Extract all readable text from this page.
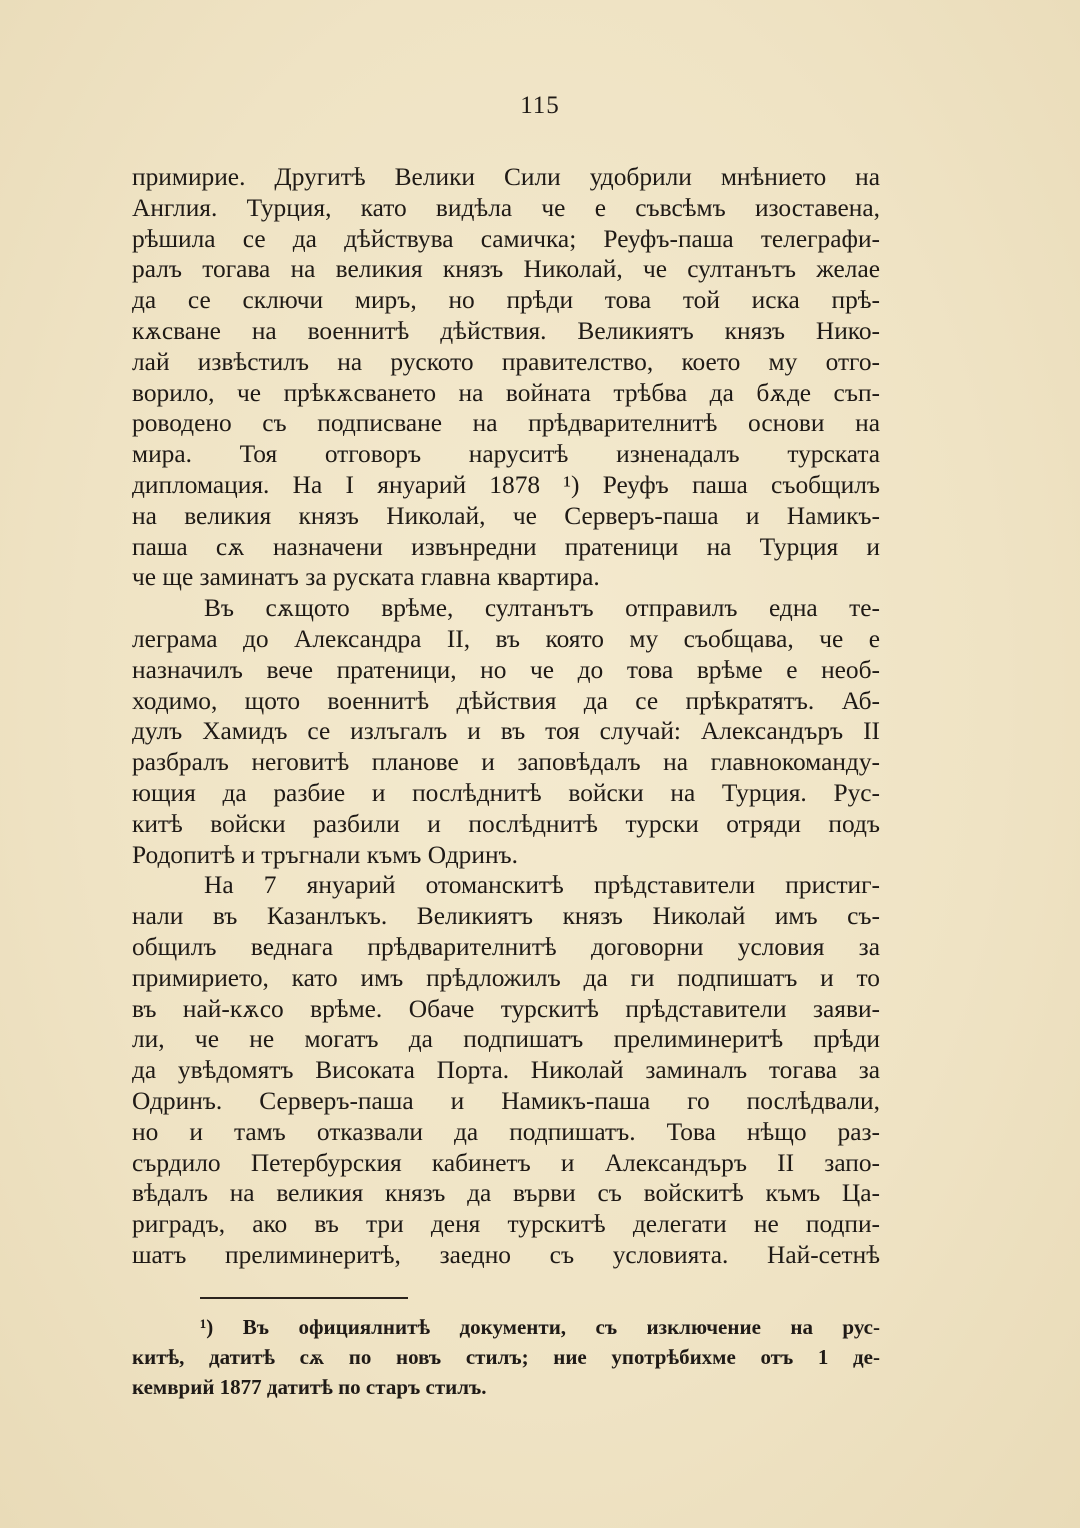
115
примирие. Другитѣ Велики Сили удобрили мнѣнието на
Англия. Турция, като видѣла че е съвсѣмъ изоставена,
рѣшила се да дѣйствува самичка; Реуфъ-паша телеграфи-
ралъ тогава на великия князъ Николай, че султанътъ желае
да се сключи миръ, но прѣди това той иска прѣ-
кѫсване на военнитѣ дѣйствия. Великиятъ князъ Нико-
лай извѣстилъ на руското правителство, което му отго-
ворило, че прѣкѫсването на войната трѣбва да бѫде съп-
роводено съ подписване на прѣдварителнитѣ основи на
мира. Тоя отговоръ наруситѣ изненадалъ турската
дипломация. На I януарий 1878 ¹) Реуфъ паша съобщилъ
на великия князъ Николай, че Серверъ-паша и Намикъ-
паша сѫ назначени извънредни пратеници на Турция и
че ще заминатъ за руската главна квартира.
Въ сѫщото врѣме, султанътъ отправилъ една те-
леграма до Александра II, въ която му съобщава, че е
назначилъ вече пратеници, но че до това врѣме е необ-
ходимо, щото военнитѣ дѣйствия да се прѣкратятъ. Аб-
дулъ Хамидъ се излъгалъ и въ тоя случай: Александъръ II
разбралъ неговитѣ планове и заповѣдалъ на главнокоманду-
ющия да разбие и послѣднитѣ войски на Турция. Рус-
китѣ войски разбили и послѣднитѣ турски отряди подъ
Родопитѣ и тръгнали къмъ Одринъ.
На 7 януарий отоманскитѣ прѣдставители пристиг-
нали въ Казанлъкъ. Великиятъ князъ Николай имъ съ-
общилъ веднага прѣдварителнитѣ договорни условия за
примирието, като имъ прѣдложилъ да ги подпишатъ и то
въ най-кѫсо врѣме. Обаче турскитѣ прѣдставители заяви-
ли, че не могатъ да подпишатъ прелиминеритѣ прѣди
да увѣдомятъ Високата Порта. Николай заминалъ тогава за
Одринъ. Серверъ-паша и Намикъ-паша го послѣдвали,
но и тамъ отказвали да подпишатъ. Това нѣщо раз-
сърдило Петербурския кабинетъ и Александъръ II запо-
вѣдалъ на великия князъ да върви съ войскитѣ къмъ Ца-
риградъ, ако въ три деня турскитѣ делегати не подпи-
шатъ прелиминеритѣ, заедно съ условията. Най-сетнѣ
¹) Въ официялнитѣ документи, съ изключение на рус-
китѣ, датитѣ сѫ по новъ стилъ; ние употрѣбихме отъ 1 де-
кемврий 1877 датитѣ по старъ стилъ.
